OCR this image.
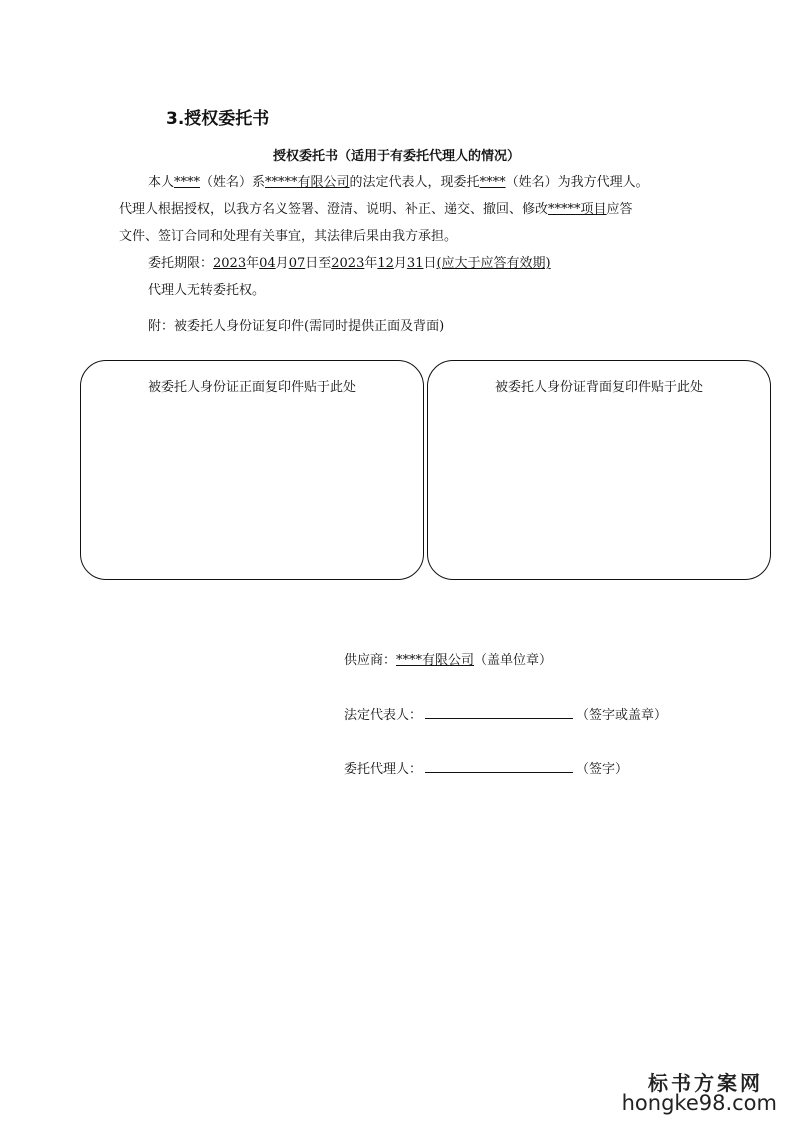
3.授权委托书
授权委托书（适用于有委托代理人的情况）
本人****（姓名）系*****有限公司的法定代表人，现委托****（姓名）为我方代理人。
代理人根据授权，以我方名义签署、澄清、说明、补正、递交、撤回、修改*****项目应答
文件、签订合同和处理有关事宜，其法律后果由我方承担。
委托期限：2023年04月07日至2023年12月31日(应大于应答有效期)
代理人无转委托权。
附：被委托人身份证复印件(需同时提供正面及背面)
被委托人身份证正面复印件贴于此处	被委托人身份证背面复印件贴于此处
供应商：****有限公司（盖单位章）
法定代表人：	（签字或盖章）
委托代理人：	（签字）
标书方案网
hongke98.com
